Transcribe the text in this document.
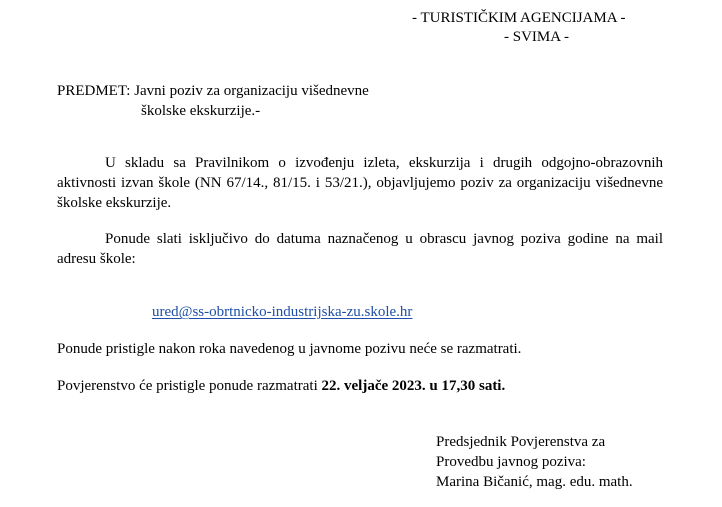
- TURISTIČKIM AGENCIJAMA -
- SVIMA -
PREDMET: Javni poziv za organizaciju višednevne
školske ekskurzije.-
U skladu sa Pravilnikom o izvođenju izleta, ekskurzija i drugih odgojno-obrazovnih aktivnosti izvan škole (NN 67/14., 81/15. i 53/21.), objavljujemo poziv za organizaciju višednevne školske ekskurzije.
Ponude slati isključivo do datuma naznačenog u obrascu javnog poziva godine na mail adresu škole:
ured@ss-obrtnicko-industrijska-zu.skole.hr
Ponude pristigle nakon roka navedenog u javnome pozivu neće se razmatrati.
Povjerenstvo će pristigle ponude razmatrati 22. veljače 2023. u 17,30 sati.
Predsjednik Povjerenstva za
Provedbu javnog poziva:
Marina Bičanić, mag. edu. math.
